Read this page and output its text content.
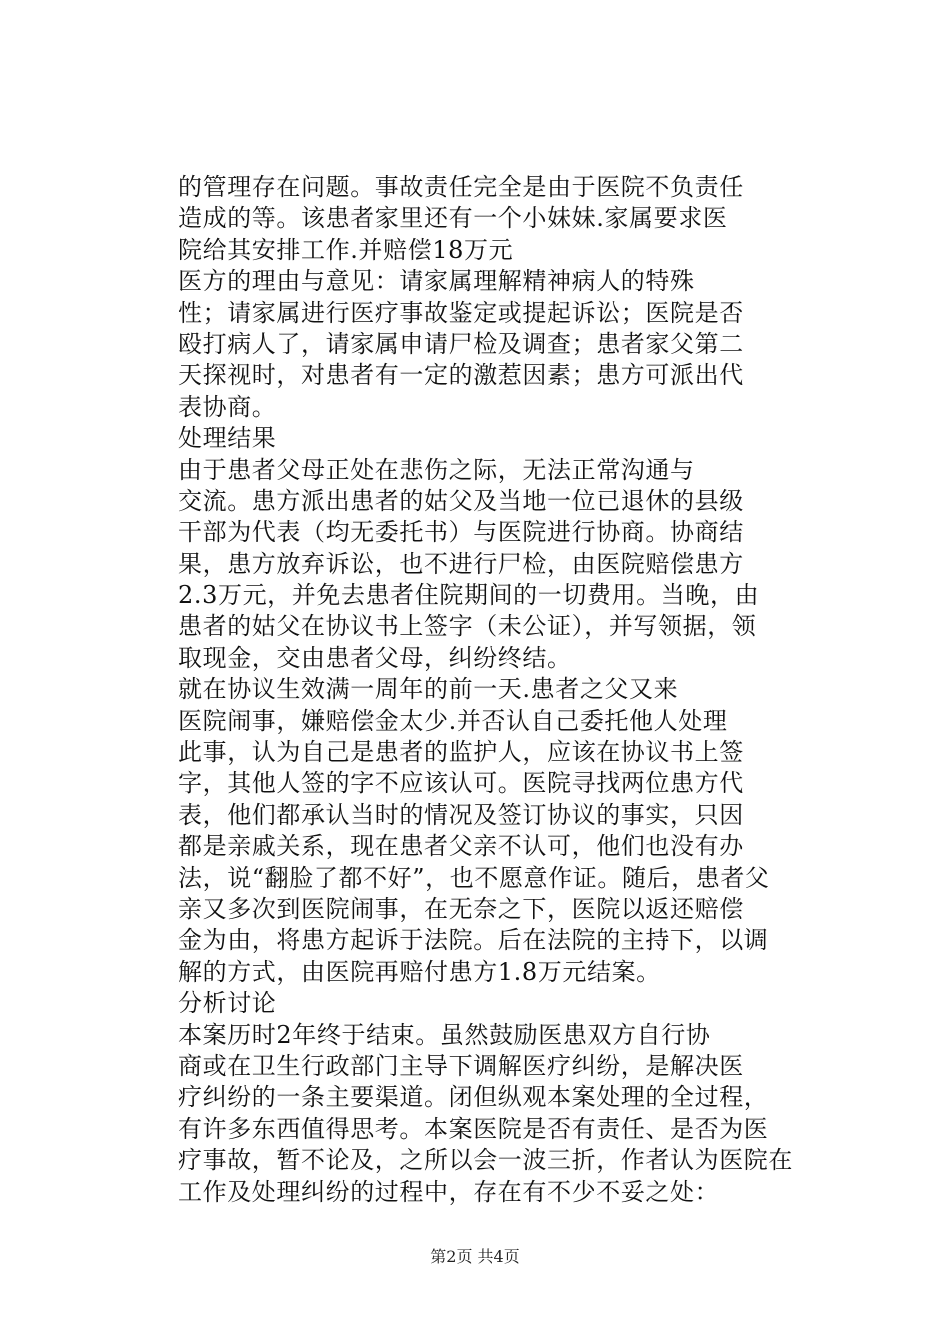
的管理存在问题。事故责任完全是由于医院不负责任
造成的等。该患者家里还有一个小妹妹.家属要求医
院给其安排工作.并赔偿18万元
医方的理由与意见：请家属理解精神病人的特殊
性；请家属进行医疗事故鉴定或提起诉讼；医院是否
殴打病人了，请家属申请尸检及调查；患者家父第二
天探视时，对患者有一定的激惹因素；患方可派出代
表协商。
处理结果
由于患者父母正处在悲伤之际，无法正常沟通与
交流。患方派出患者的姑父及当地一位已退休的县级
干部为代表（均无委托书）与医院进行协商。协商结
果，患方放弃诉讼，也不进行尸检，由医院赔偿患方
2.3万元，并免去患者住院期间的一切费用。当晚，由
患者的姑父在协议书上签字（未公证），并写领据，领
取现金，交由患者父母，纠纷终结。
就在协议生效满一周年的前一天.患者之父又来
医院闹事，嫌赔偿金太少.并否认自己委托他人处理
此事，认为自己是患者的监护人，应该在协议书上签
字，其他人签的字不应该认可。医院寻找两位患方代
表，他们都承认当时的情况及签订协议的事实，只因
都是亲戚关系，现在患者父亲不认可，他们也没有办
法，说“翻脸了都不好”，也不愿意作证。随后，患者父
亲又多次到医院闹事，在无奈之下，医院以返还赔偿
金为由，将患方起诉于法院。后在法院的主持下，以调
解的方式，由医院再赔付患方1.8万元结案。
分析讨论
本案历时2年终于结束。虽然鼓励医患双方自行协
商或在卫生行政部门主导下调解医疗纠纷，是解决医
疗纠纷的一条主要渠道。闭但纵观本案处理的全过程，
有许多东西值得思考。本案医院是否有责任、是否为医
疗事故，暂不论及，之所以会一波三折，作者认为医院在
工作及处理纠纷的过程中，存在有不少不妥之处：
第2页 共4页
